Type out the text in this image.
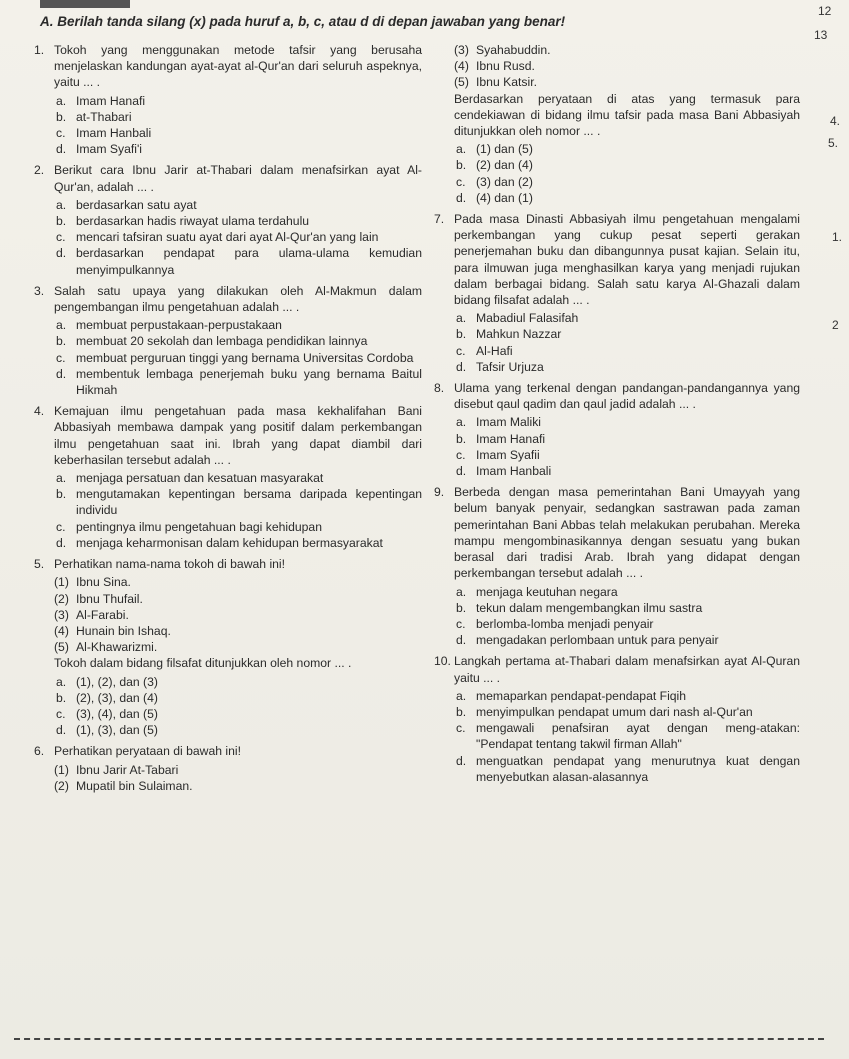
12
13
A. Berilah tanda silang (x) pada huruf a, b, c, atau d di depan jawaban yang benar!
1. Tokoh yang menggunakan metode tafsir yang berusaha menjelaskan kandungan ayat-ayat al-Qur'an dari seluruh aspeknya, yaitu ... .
a. Imam Hanafi
b. at-Thabari
c. Imam Hanbali
d. Imam Syafi'i
2. Berikut cara Ibnu Jarir at-Thabari dalam menafsirkan ayat Al-Qur'an, adalah ... .
a. berdasarkan satu ayat
b. berdasarkan hadis riwayat ulama terdahulu
c. mencari tafsiran suatu ayat dari ayat Al-Qur'an yang lain
d. berdasarkan pendapat para ulama-ulama kemudian menyimpulkannya
3. Salah satu upaya yang dilakukan oleh Al-Makmun dalam pengembangan ilmu pengetahuan adalah ... .
a. membuat perpustakaan-perpustakaan
b. membuat 20 sekolah dan lembaga pendidikan lainnya
c. membuat perguruan tinggi yang bernama Universitas Cordoba
d. membentuk lembaga penerjemah buku yang bernama Baitul Hikmah
4. Kemajuan ilmu pengetahuan pada masa kekhalifahan Bani Abbasiyah membawa dampak yang positif dalam perkembangan ilmu pengetahuan saat ini. Ibrah yang dapat diambil dari keberhasilan tersebut adalah ... .
a. menjaga persatuan dan kesatuan masyarakat
b. mengutamakan kepentingan bersama daripada kepentingan individu
c. pentingnya ilmu pengetahuan bagi kehidupan
d. menjaga keharmonisan dalam kehidupan bermasyarakat
5. Perhatikan nama-nama tokoh di bawah ini!
(1) Ibnu Sina.
(2) Ibnu Thufail.
(3) Al-Farabi.
(4) Hunain bin Ishaq.
(5) Al-Khawarizmi.
Tokoh dalam bidang filsafat ditunjukkan oleh nomor ... .
a. (1), (2), dan (3)
b. (2), (3), dan (4)
c. (3), (4), dan (5)
d. (1), (3), dan (5)
6. Perhatikan peryataan di bawah ini!
(1) Ibnu Jarir At-Tabari
(2) Mupatil bin Sulaiman.
(3) Syahabuddin.
(4) Ibnu Rusd.
(5) Ibnu Katsir.
Berdasarkan peryataan di atas yang termasuk para cendekiawan di bidang ilmu tafsir pada masa Bani Abbasiyah ditunjukkan oleh nomor ... .
a. (1) dan (5)
b. (2) dan (4)
c. (3) dan (2)
d. (4) dan (1)
7. Pada masa Dinasti Abbasiyah ilmu pengetahuan mengalami perkembangan yang cukup pesat seperti gerakan penerjemahan buku dan dibangunnya pusat kajian. Selain itu, para ilmuwan juga menghasilkan karya yang menjadi rujukan dalam berbagai bidang. Salah satu karya Al-Ghazali dalam bidang filsafat adalah ... .
a. Mabadiul Falasifah
b. Mahkun Nazzar
c. Al-Hafi
d. Tafsir Urjuza
8. Ulama yang terkenal dengan pandangan-pandangannya yang disebut qaul qadim dan qaul jadid adalah ... .
a. Imam Maliki
b. Imam Hanafi
c. Imam Syafii
d. Imam Hanbali
9. Berbeda dengan masa pemerintahan Bani Umayyah yang belum banyak penyair, sedangkan sastrawan pada zaman pemerintahan Bani Abbas telah melakukan perubahan. Mereka mampu mengombinasikannya dengan sesuatu yang bukan berasal dari tradisi Arab. Ibrah yang didapat dengan perkembangan tersebut adalah ... .
a. menjaga keutuhan negara
b. tekun dalam mengembangkan ilmu sastra
c. berlomba-lomba menjadi penyair
d. mengadakan perlombaan untuk para penyair
10. Langkah pertama at-Thabari dalam menafsirkan ayat Al-Quran yaitu ... .
a. memaparkan pendapat-pendapat Fiqih
b. menyimpulkan pendapat umum dari nash al-Qur'an
c. mengawali penafsiran ayat dengan meng-atakan: "Pendapat tentang takwil firman Allah"
d. menguatkan pendapat yang menurutnya kuat dengan menyebutkan alasan-alasannya
4.
5.
1.
2
